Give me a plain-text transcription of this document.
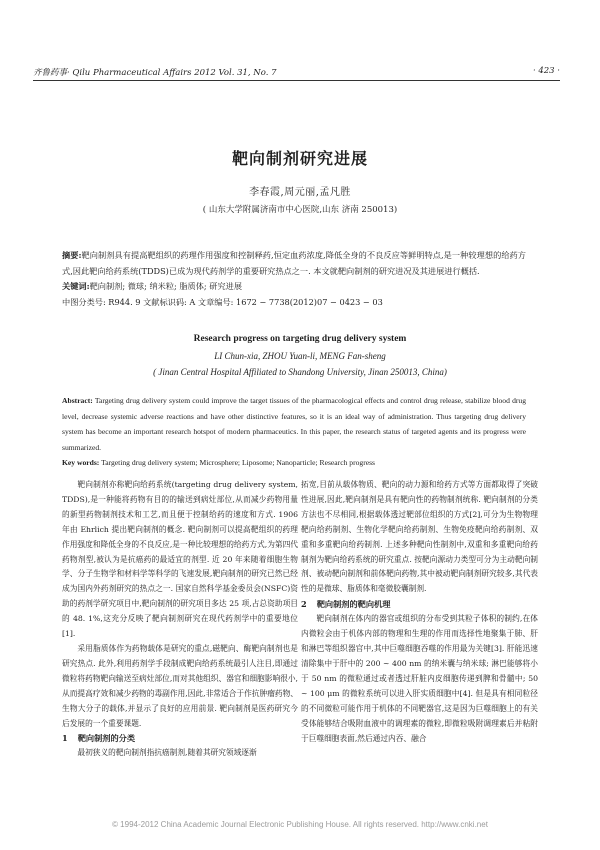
齐鲁药事· Qilu Pharmaceutical Affairs 2012 Vol. 31, No. 7	· 423 ·
靶向制剂研究进展
李春霞,周元丽,孟凡胜
( 山东大学附属济南市中心医院,山东 济南 250013)

摘要:靶向制剂具有提高靶组织的药理作用强度和控制释药,恒定血药浓度,降低全身的不良反应等鲜明特点,是一种较理想的给药方式,因此靶向给药系统(TDDS)已成为现代药剂学的重要研究热点之一. 本文就靶向制剂的研究进况及其进展进行概括.

关键词:靶向制剂; 微球; 纳米粒; 脂质体; 研究进展

中图分类号: R944. 9 文献标识码: A 文章编号: 1672 − 7738(2012)07 − 0423 − 03

Research progress on targeting drug delivery system
LI Chun-xia, ZHOU Yuan-li, MENG Fan-sheng
( Jinan Central Hospital Affiliated to Shandong University, Jinan 250013, China)

Abstract: Targeting drug delivery system could improve the target tissues of the pharmacological effects and control drug release, stabilize blood drug level, decrease systemic adverse reactions and have other distinctive features, so it is an ideal way of administration. Thus targeting drug delivery system has become an important research hotspot of modern pharmaceutics. In this paper, the research status of targeted agents and its progress were summarized.

Key words: Targeting drug delivery system; Microsphere; Liposome; Nanoparticle; Research progress

靶向制剂亦称靶向给药系统(targeting drug delivery system, TDDS),是一种能将药物有目的的输送到病灶部位,从而减少药物用量的新型药物制剂技术和工艺,而且便于控制给药的速度和方式. 1906 年由 Ehrlich 提出靶向制剂的概念. 靶向制剂可以提高靶组织的药理作用强度和降低全身的不良反应,是一种比较理想的给药方式,为第四代药物剂型,被认为是抗癌药的最适宜的剂型. 近 20 年来随着细胞生物学、分子生物学和材料学等科学的飞速发展,靶向制剂的研究已然已经成为国内外药剂研究的热点之一. 国家自然科学基金委员会(NSFC)资助的药剂学研究项目中,靶向制剂的研究项目多达 25 项,占总资助项目的 48. 1%,这充分反映了靶向制剂研究在现代药剂学中的重要地位[1].

采用脂质体作为药物载体是研究的重点,磁靶向、酶靶向制剂也是研究热点. 此外,利用药剂学手段制成靶向给药系统最引人注目,即通过微粒将药物靶向输送至病灶部位,而对其他组织、器官和细胞影响很小,从而提高疗效和减少药物的毒副作用,因此,非常适合于作抗肿瘤药物、生物大分子的载体,并显示了良好的应用前景. 靶向制剂是医药研究今后发展的一个重要课题.

1 靶向制剂的分类

最初狭义的靶向制剂指抗癌制剂,随着其研究领域逐渐

拓宽,目前从载体物质、靶向的动力源和给药方式等方面都取得了突破性进展,因此,靶向制剂是具有靶向性的药物制剂统称. 靶向制剂的分类方法也不尽相同,根据载体透过靶部位组织的方式[2],可分为生物物理靶向给药制剂、生物化学靶向给药制剂、生物免疫靶向给药制剂、双重和多重靶向给药制剂. 上述多种靶向性制剂中,双重和多重靶向给药制剂为靶向给药系统的研究重点. 按靶向源动力类型可分为主动靶向制剂、被动靶向制剂和前体靶向药物,其中被动靶向制剂研究较多,其代表性的是微球、脂质体和毫微胶囊制剂.

2 靶向制剂的靶向机理

靶向制剂在体内的器官或组织的分布受到其粒子体积的制约,在体内微粒会由于机体内部的物理和生理的作用而选择性地聚集于肺、肝和淋巴等组织器官中,其中巨噬细胞吞噬的作用最为关键[3]. 肝能迅速清除集中于肝中的 200 ~ 400 nm 的纳米囊与纳米球; 淋巴能够将小于 50 nm 的微粒通过或者透过肝脏内皮细胞传递到脾和骨髓中; 50 ~ 100 μm 的微粒系统可以进入肝实质细胞中[4]. 但是具有相同粒径的不同微粒可能作用于机体的不同靶器官,这是因为巨噬细胞上的有关受体能够结合吸附血液中的调理素的微粒,即微粒吸附调理素后并粘附于巨噬细胞表面,然后通过内吞、融合

© 1994-2012 China Academic Journal Electronic Publishing House. All rights reserved. http://www.cnki.net
